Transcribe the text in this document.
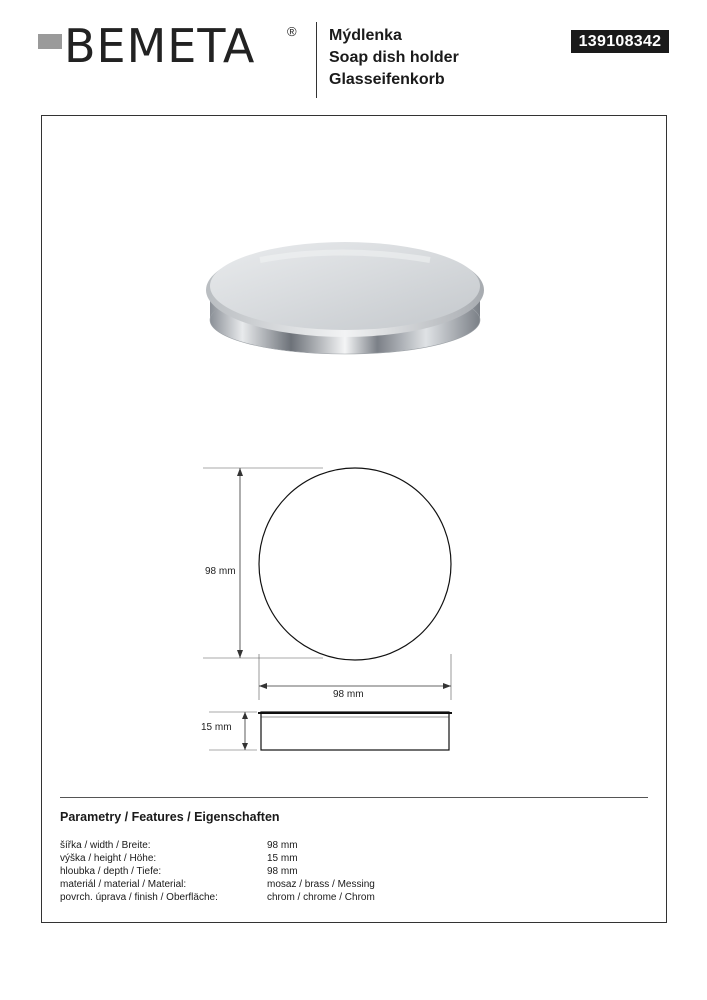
BEMETA ® Mýdlenka
Soap dish holder
Glasseifenkorb
139108342
98 mm
98 mm
15 mm
Parametry / Features / Eigenschaften
šířka / width / Breite:	98 mm
výška / height / Höhe:	15 mm
hloubka / depth / Tiefe:	98 mm
materiál / material / Material:	mosaz / brass / Messing
povrch. úprava / finish / Oberfläche:	chrom / chrome / Chrom
